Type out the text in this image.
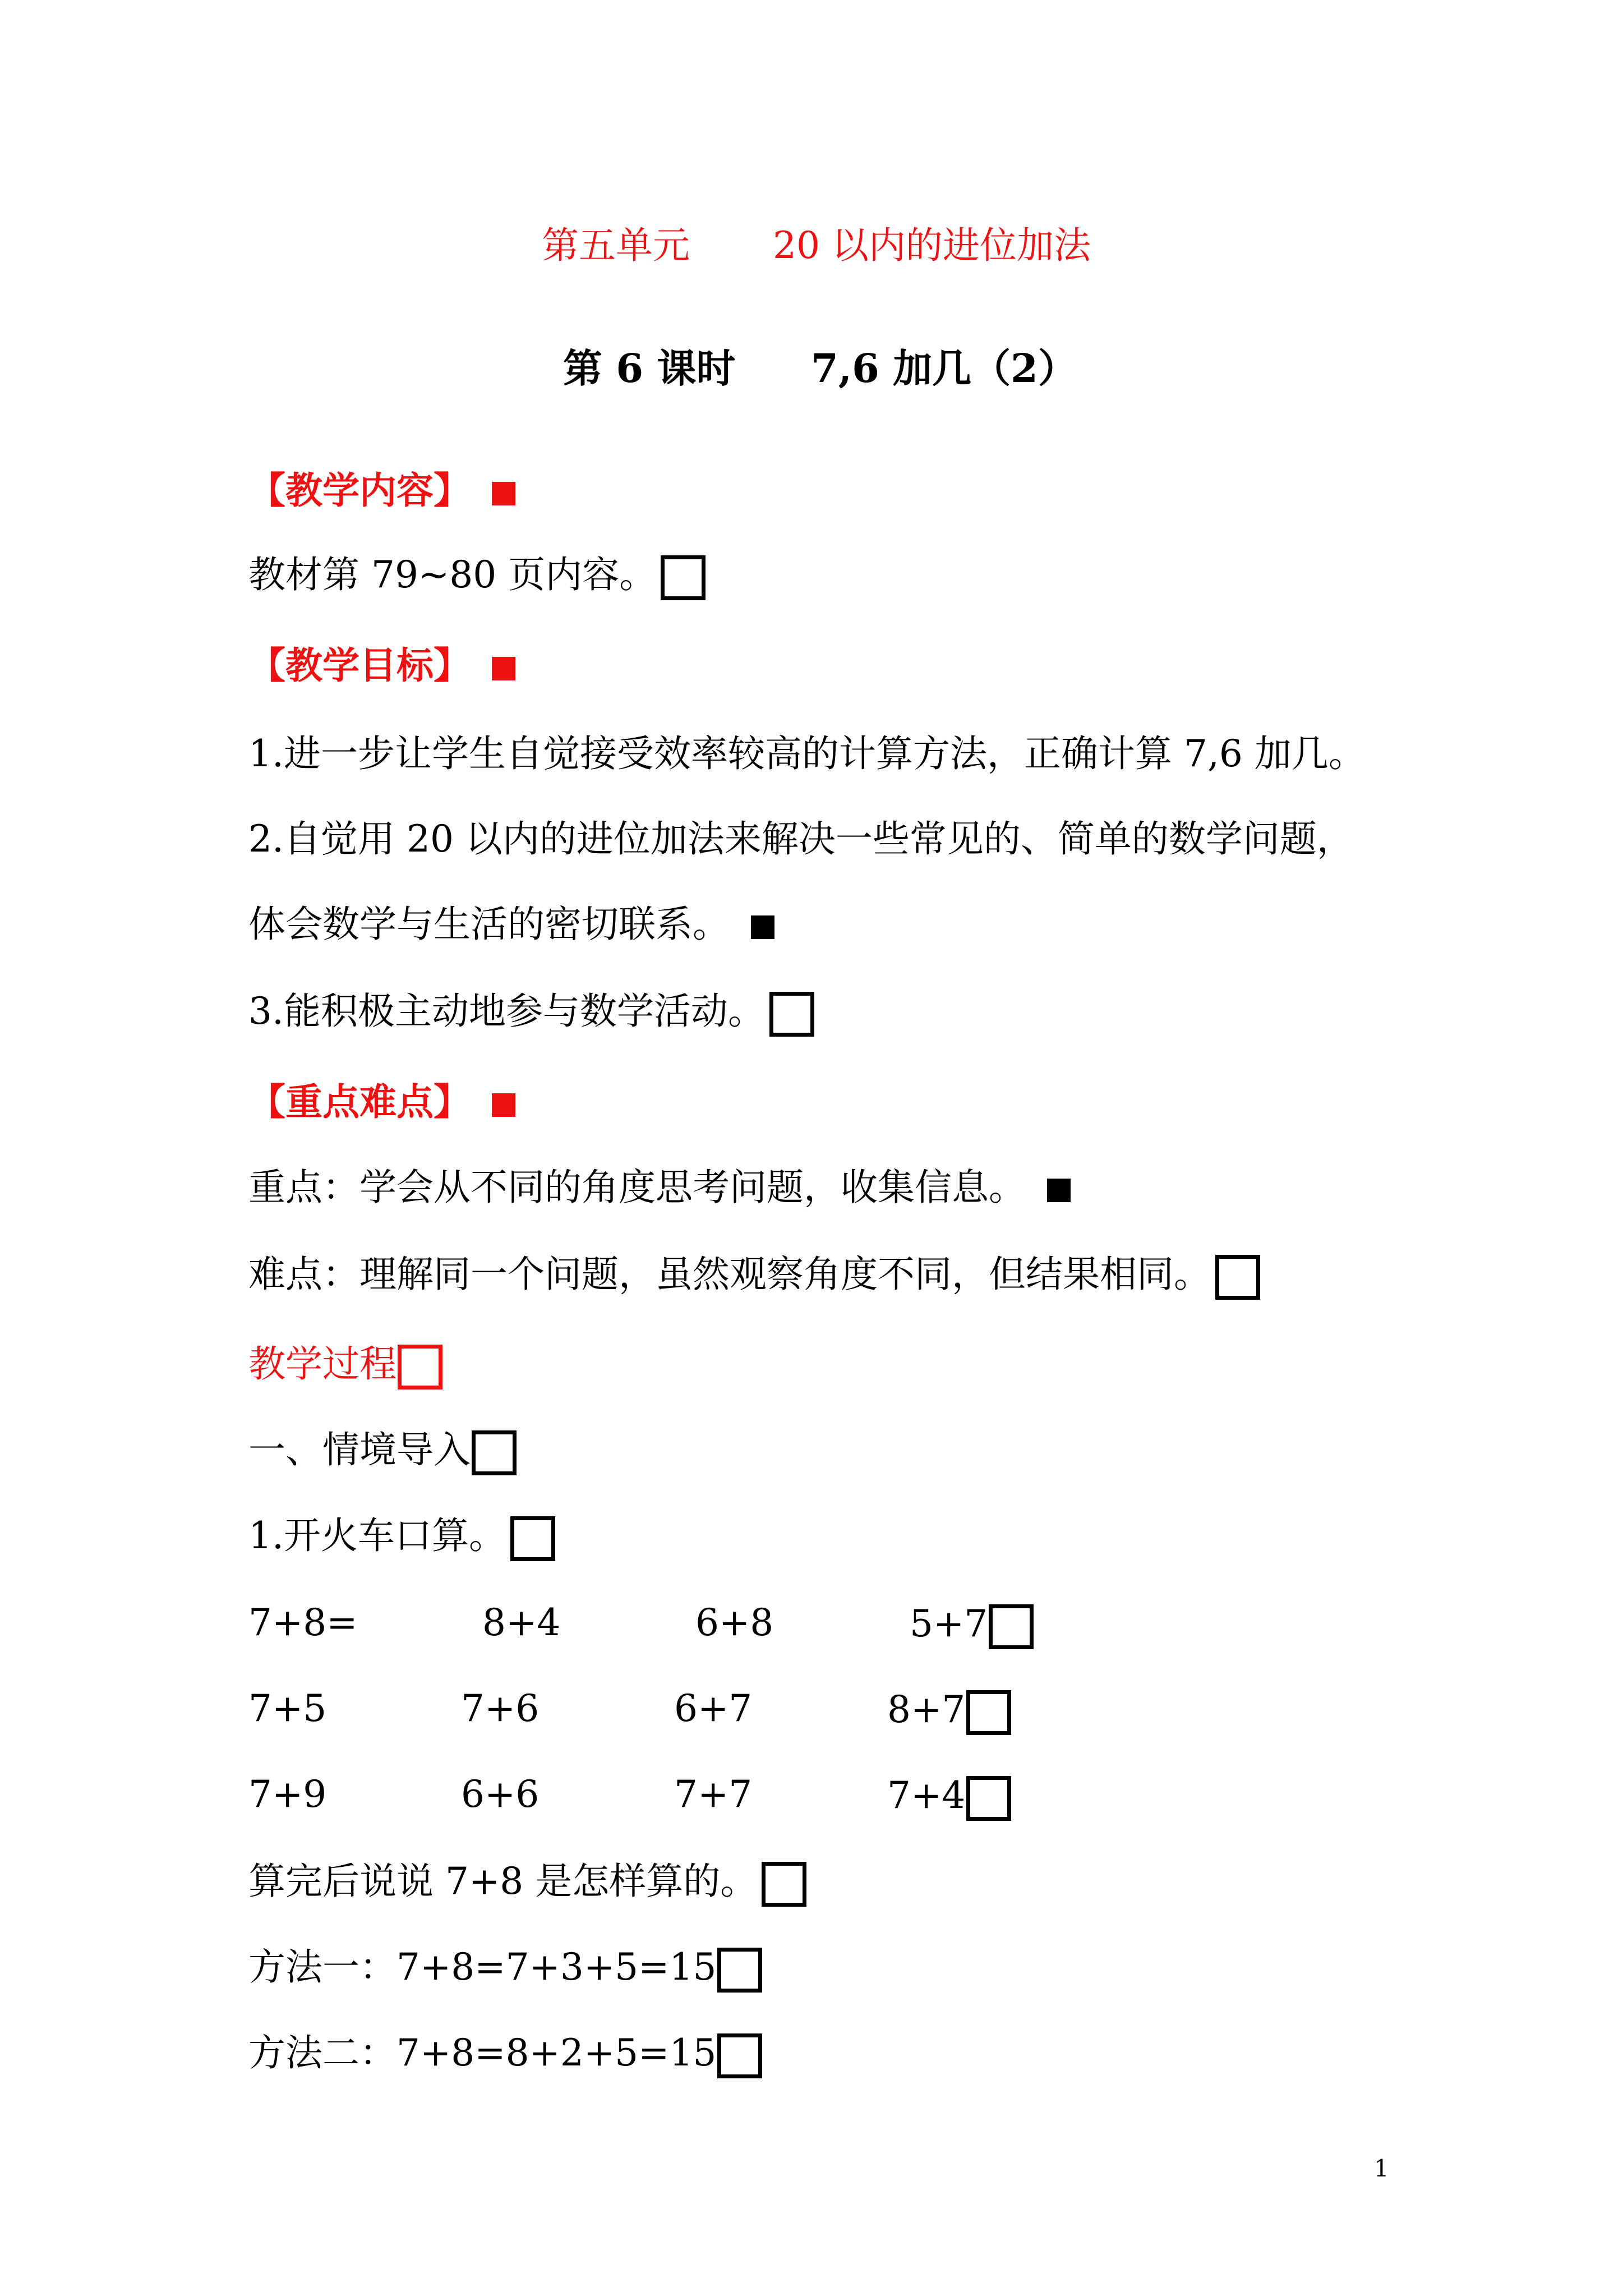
第五单元 20 以内的进位加法
第 6 课时 7,6 加几（2）
【教学内容】
教材第 79~80 页内容。
【教学目标】
1.进一步让学生自觉接受效率较高的计算方法，正确计算 7,6 加几。
2.自觉用 20 以内的进位加法来解决一些常见的、简单的数学问题，
体会数学与生活的密切联系。
3.能积极主动地参与数学活动。
【重点难点】
重点：学会从不同的角度思考问题，收集信息。
难点：理解同一个问题，虽然观察角度不同，但结果相同。
教学过程
一、情境导入
1.开火车口算。
7+8=	8+4	6+8	5+7
7+5	7+6	6+7	8+7
7+9	6+6	7+7	7+4
算完后说说 7+8 是怎样算的。
方法一：7+8=7+3+5=15
方法二：7+8=8+2+5=15
1
